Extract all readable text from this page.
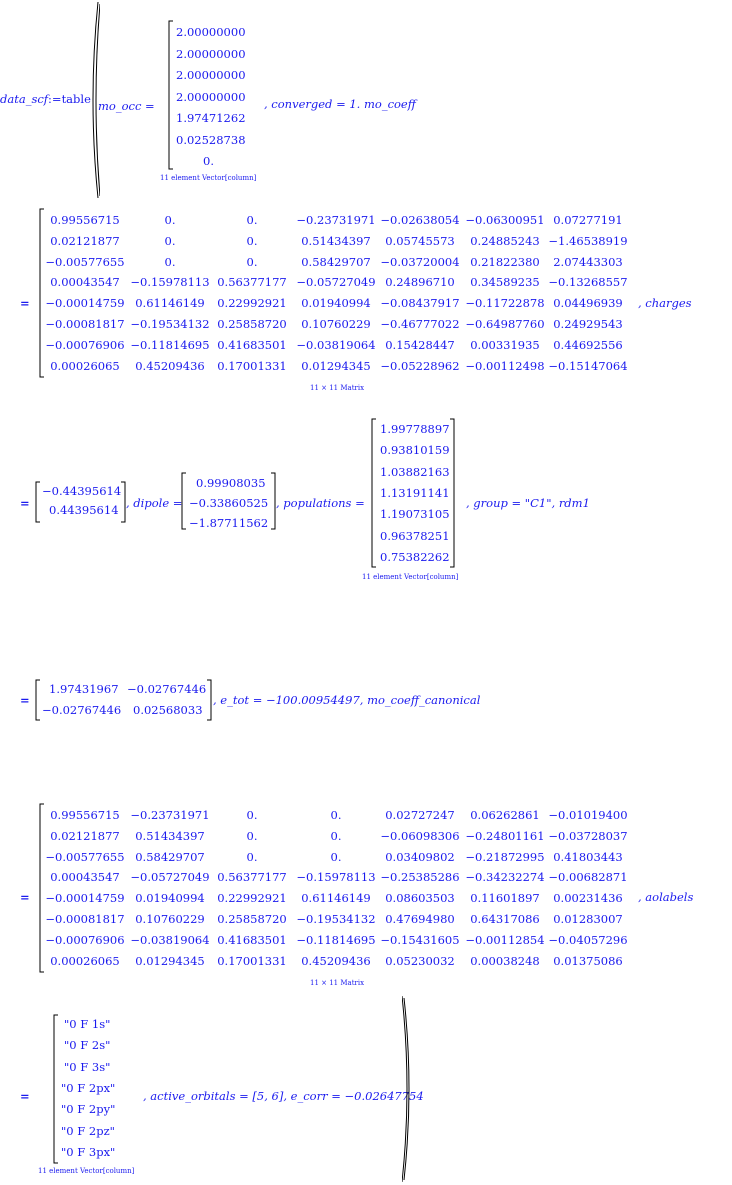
data_scf:=table mo_occ =
11 element Vector[column]
, converged = 1. mo_coeff
=
11 × 11 Matrix
, charges
=
−0.44395614
0.44395614 , dipole =
0.99908035
−0.33860525
−1.87711562
, populations =
11 element Vector[column]
, group = "C1", rdm1
=
1.97431967 −0.02767446
−0.02767446 0.02568033
, e_tot = −100.00954497, mo_coeff_canonical
=
11 × 11 Matrix
, aolabels
=
11 element Vector[column]
, active_orbitals = [5, 6], e_corr = −0.02647754
2.00000000
2.00000000
2.00000000
2.00000000
1.97471262
0.02528738
0.
0.99556715	0.	0.	−0.23731971 −0.02638054 −0.06300951 0.07277191
0.02121877	0.	0.	0.51434397 0.05745573 0.24885243 −1.46538919
−0.00577655	0.	0.	0.58429707 −0.03720004 0.21822380 2.07443303
0.00043547 −0.15978113 0.56377177 −0.05727049 0.24896710 0.34589235 −0.13268557
−0.00014759 0.61146149 0.22992921 0.01940994 −0.08437917 −0.11722878 0.04496939
−0.00081817 −0.19534132 0.25858720 0.10760229 −0.46777022 −0.64987760 0.24929543
−0.00076906 −0.11814695 0.41683501 −0.03819064 0.15428447 0.00331935 0.44692556
0.00026065 0.45209436 0.17001331 0.01294345 −0.05228962 −0.00112498 −0.15147064
0.99556715 −0.23731971	0.	0.	0.02727247 0.06262861 −0.01019400
0.02121877 0.51434397	0.	0.	−0.06098306 −0.24801161 −0.03728037
−0.00577655 0.58429707	0.	0.	0.03409802 −0.21872995 0.41803443
0.00043547 −0.05727049 0.56377177 −0.15978113 −0.25385286 −0.34232274 −0.00682871
−0.00014759 0.01940994 0.22992921 0.61146149 0.08603503 0.11601897 0.00231436
−0.00081817 0.10760229 0.25858720 −0.19534132 0.47694980 0.64317086 0.01283007
−0.00076906 −0.03819064 0.41683501 −0.11814695 −0.15431605 −0.00112854 −0.04057296
0.00026065 0.01294345 0.17001331 0.45209436 0.05230032 0.00038248 0.01375086
1.99778897
0.93810159
1.03882163
1.13191141
1.19073105
0.96378251
0.75382262
"0 F 1s"
"0 F 2s"
"0 F 3s"
"0 F 2px"
"0 F 2py"
"0 F 2pz"
"0 F 3px"
